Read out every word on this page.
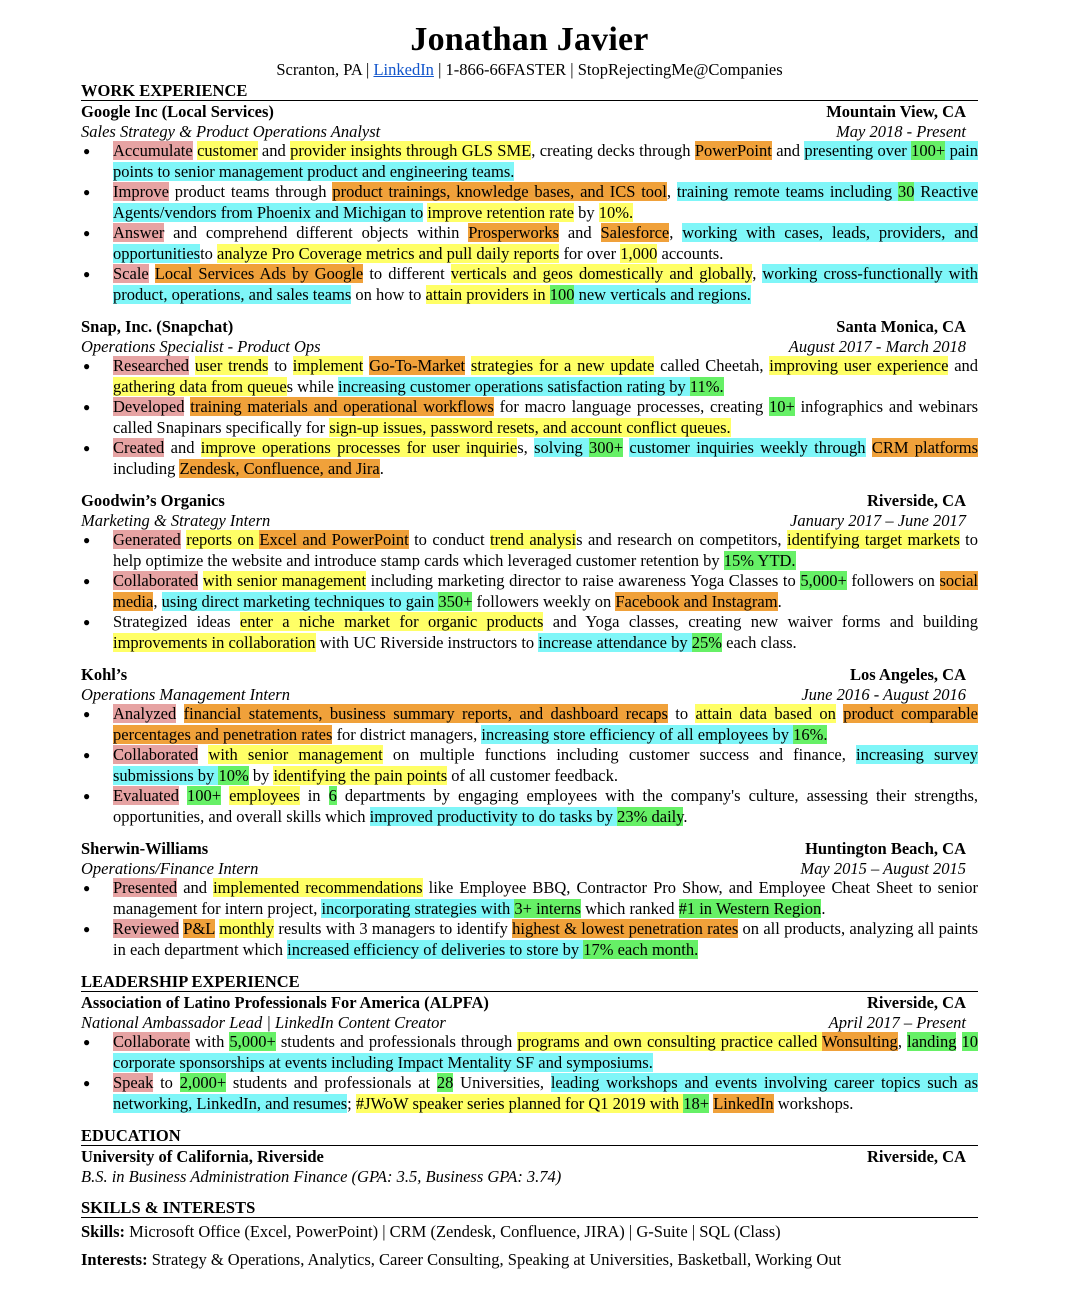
Jonathan Javier
Scranton, PA | LinkedIn | 1-866-66FASTER | StopRejectingMe@Companies
WORK EXPERIENCE
Google Inc (Local Services)	Mountain View, CA
Sales Strategy & Product Operations Analyst	May 2018 - Present
● Accumulate customer and provider insights through GLS SME, creating decks through PowerPoint and presenting over 100+ pain points to senior management product and engineering teams.
● Improve product teams through product trainings, knowledge bases, and ICS tool, training remote teams including 30 Reactive Agents/vendors from Phoenix and Michigan to improve retention rate by 10%.
● Answer and comprehend different objects within Prosperworks and Salesforce, working with cases, leads, providers, and opportunitiesto analyze Pro Coverage metrics and pull daily reports for over 1,000 accounts.
● Scale Local Services Ads by Google to different verticals and geos domestically and globally, working cross-functionally with product, operations, and sales teams on how to attain providers in 100 new verticals and regions.
Snap, Inc. (Snapchat)	Santa Monica, CA
Operations Specialist - Product Ops	August 2017 - March 2018
● Researched user trends to implement Go-To-Market strategies for a new update called Cheetah, improving user experience and gathering data from queues while increasing customer operations satisfaction rating by 11%.
● Developed training materials and operational workflows for macro language processes, creating 10+ infographics and webinars called Snapinars specifically for sign-up issues, password resets, and account conflict queues.
● Created and improve operations processes for user inquiries, solving 300+ customer inquiries weekly through CRM platforms including Zendesk, Confluence, and Jira.
Goodwin’s Organics	Riverside, CA
Marketing & Strategy Intern	January 2017 – June 2017
● Generated reports on Excel and PowerPoint to conduct trend analysis and research on competitors, identifying target markets to help optimize the website and introduce stamp cards which leveraged customer retention by 15% YTD.
● Collaborated with senior management including marketing director to raise awareness Yoga Classes to 5,000+ followers on social media, using direct marketing techniques to gain 350+ followers weekly on Facebook and Instagram.
● Strategized ideas enter a niche market for organic products and Yoga classes, creating new waiver forms and building improvements in collaboration with UC Riverside instructors to increase attendance by 25% each class.
Kohl’s	Los Angeles, CA
Operations Management Intern	June 2016 - August 2016
● Analyzed financial statements, business summary reports, and dashboard recaps to attain data based on product comparable percentages and penetration rates for district managers, increasing store efficiency of all employees by 16%.
● Collaborated with senior management on multiple functions including customer success and finance, increasing survey submissions by 10% by identifying the pain points of all customer feedback.
● Evaluated 100+ employees in 6 departments by engaging employees with the company's culture, assessing their strengths, opportunities, and overall skills which improved productivity to do tasks by 23% daily.
Sherwin-Williams	Huntington Beach, CA
Operations/Finance Intern	May 2015 – August 2015
● Presented and implemented recommendations like Employee BBQ, Contractor Pro Show, and Employee Cheat Sheet to senior management for intern project, incorporating strategies with 3+ interns which ranked #1 in Western Region.
● Reviewed P&L monthly results with 3 managers to identify highest & lowest penetration rates on all products, analyzing all paints in each department which increased efficiency of deliveries to store by 17% each month.
LEADERSHIP EXPERIENCE
Association of Latino Professionals For America (ALPFA)	Riverside, CA
National Ambassador Lead | LinkedIn Content Creator	April 2017 – Present
● Collaborate with 5,000+ students and professionals through programs and own consulting practice called Wonsulting, landing 10 corporate sponsorships at events including Impact Mentality SF and symposiums.
● Speak to 2,000+ students and professionals at 28 Universities, leading workshops and events involving career topics such as networking, LinkedIn, and resumes; #JWoW speaker series planned for Q1 2019 with 18+ LinkedIn workshops.
EDUCATION
University of California, Riverside	Riverside, CA
B.S. in Business Administration Finance (GPA: 3.5, Business GPA: 3.74)
SKILLS & INTERESTS
Skills: Microsoft Office (Excel, PowerPoint) | CRM (Zendesk, Confluence, JIRA) | G-Suite | SQL (Class)
Interests: Strategy & Operations, Analytics, Career Consulting, Speaking at Universities, Basketball, Working Out
